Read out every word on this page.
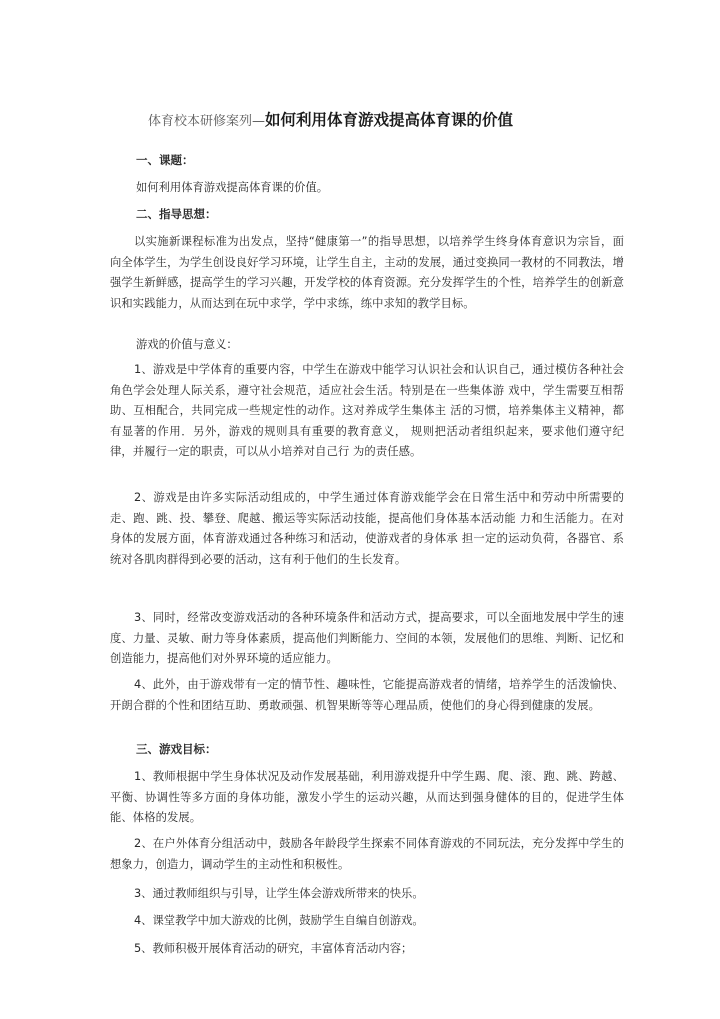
体育校本研修案列—如何利用体育游戏提高体育课的价值
一、课题：
如何利用体育游戏提高体育课的价值。
二、指导思想：
以实施新课程标准为出发点，坚持“健康第一”的指导思想，以培养学生终身体育意识为宗旨，面向全体学生，为学生创设良好学习环境，让学生自主，主动的发展，通过变换同一教材的不同教法，增强学生新鲜感，提高学生的学习兴趣，开发学校的体育资源。充分发挥学生的个性，培养学生的创新意识和实践能力，从而达到在玩中求学，学中求练，练中求知的教学目标。
游戏的价值与意义：
1、游戏是中学体育的重要内容，中学生在游戏中能学习认识社会和认识自己，通过模仿各种社会角色学会处理人际关系，遵守社会规范，适应社会生活。特别是在一些集体游 戏中，学生需要互相帮助、互相配合，共同完成一些规定性的动作。这对养成学生集体主 活的习惯，培养集体主义精神，都有显著的作用．另外，游戏的规则具有重要的教育意义， 规则把活动者组织起来，要求他们遵守纪律，并履行一定的职责，可以从小培养对自己行 为的责任感。
2、游戏是由许多实际活动组成的，中学生通过体育游戏能学会在日常生活中和劳动中所需要的走、跑、跳、投、攀登、爬越、搬运等实际活动技能，提高他们身体基本活动能 力和生活能力。在对身体的发展方面，体育游戏通过各种练习和活动，使游戏者的身体承 担一定的运动负荷，各器官、系统对各肌肉群得到必要的活动，这有利于他们的生长发育。
3、同时，经常改变游戏活动的各种环境条件和活动方式，提高要求，可以全面地发展中学生的速度、力量、灵敏、耐力等身体素质，提高他们判断能力、空间的本领，发展他们的思维、判断、记忆和创造能力，提高他们对外界环境的适应能力。
4、此外，由于游戏带有一定的情节性、趣味性，它能提高游戏者的情绪，培养学生的活泼愉快、开朗合群的个性和团结互助、勇敢顽强、机智果断等等心理品质，使他们的身心得到健康的发展。
三、游戏目标：
1、教师根据中学生身体状况及动作发展基础，利用游戏提升中学生踢、爬、滚、跑、跳、跨越、平衡、协调性等多方面的身体功能，激发小学生的运动兴趣，从而达到强身健体的目的，促进学生体能、体格的发展。
2、在户外体育分组活动中，鼓励各年龄段学生探索不同体育游戏的不同玩法，充分发挥中学生的想象力，创造力，调动学生的主动性和积极性。
3、通过教师组织与引导，让学生体会游戏所带来的快乐。
4、课堂教学中加大游戏的比例，鼓励学生自编自创游戏。
5、教师积极开展体育活动的研究，丰富体育活动内容；
